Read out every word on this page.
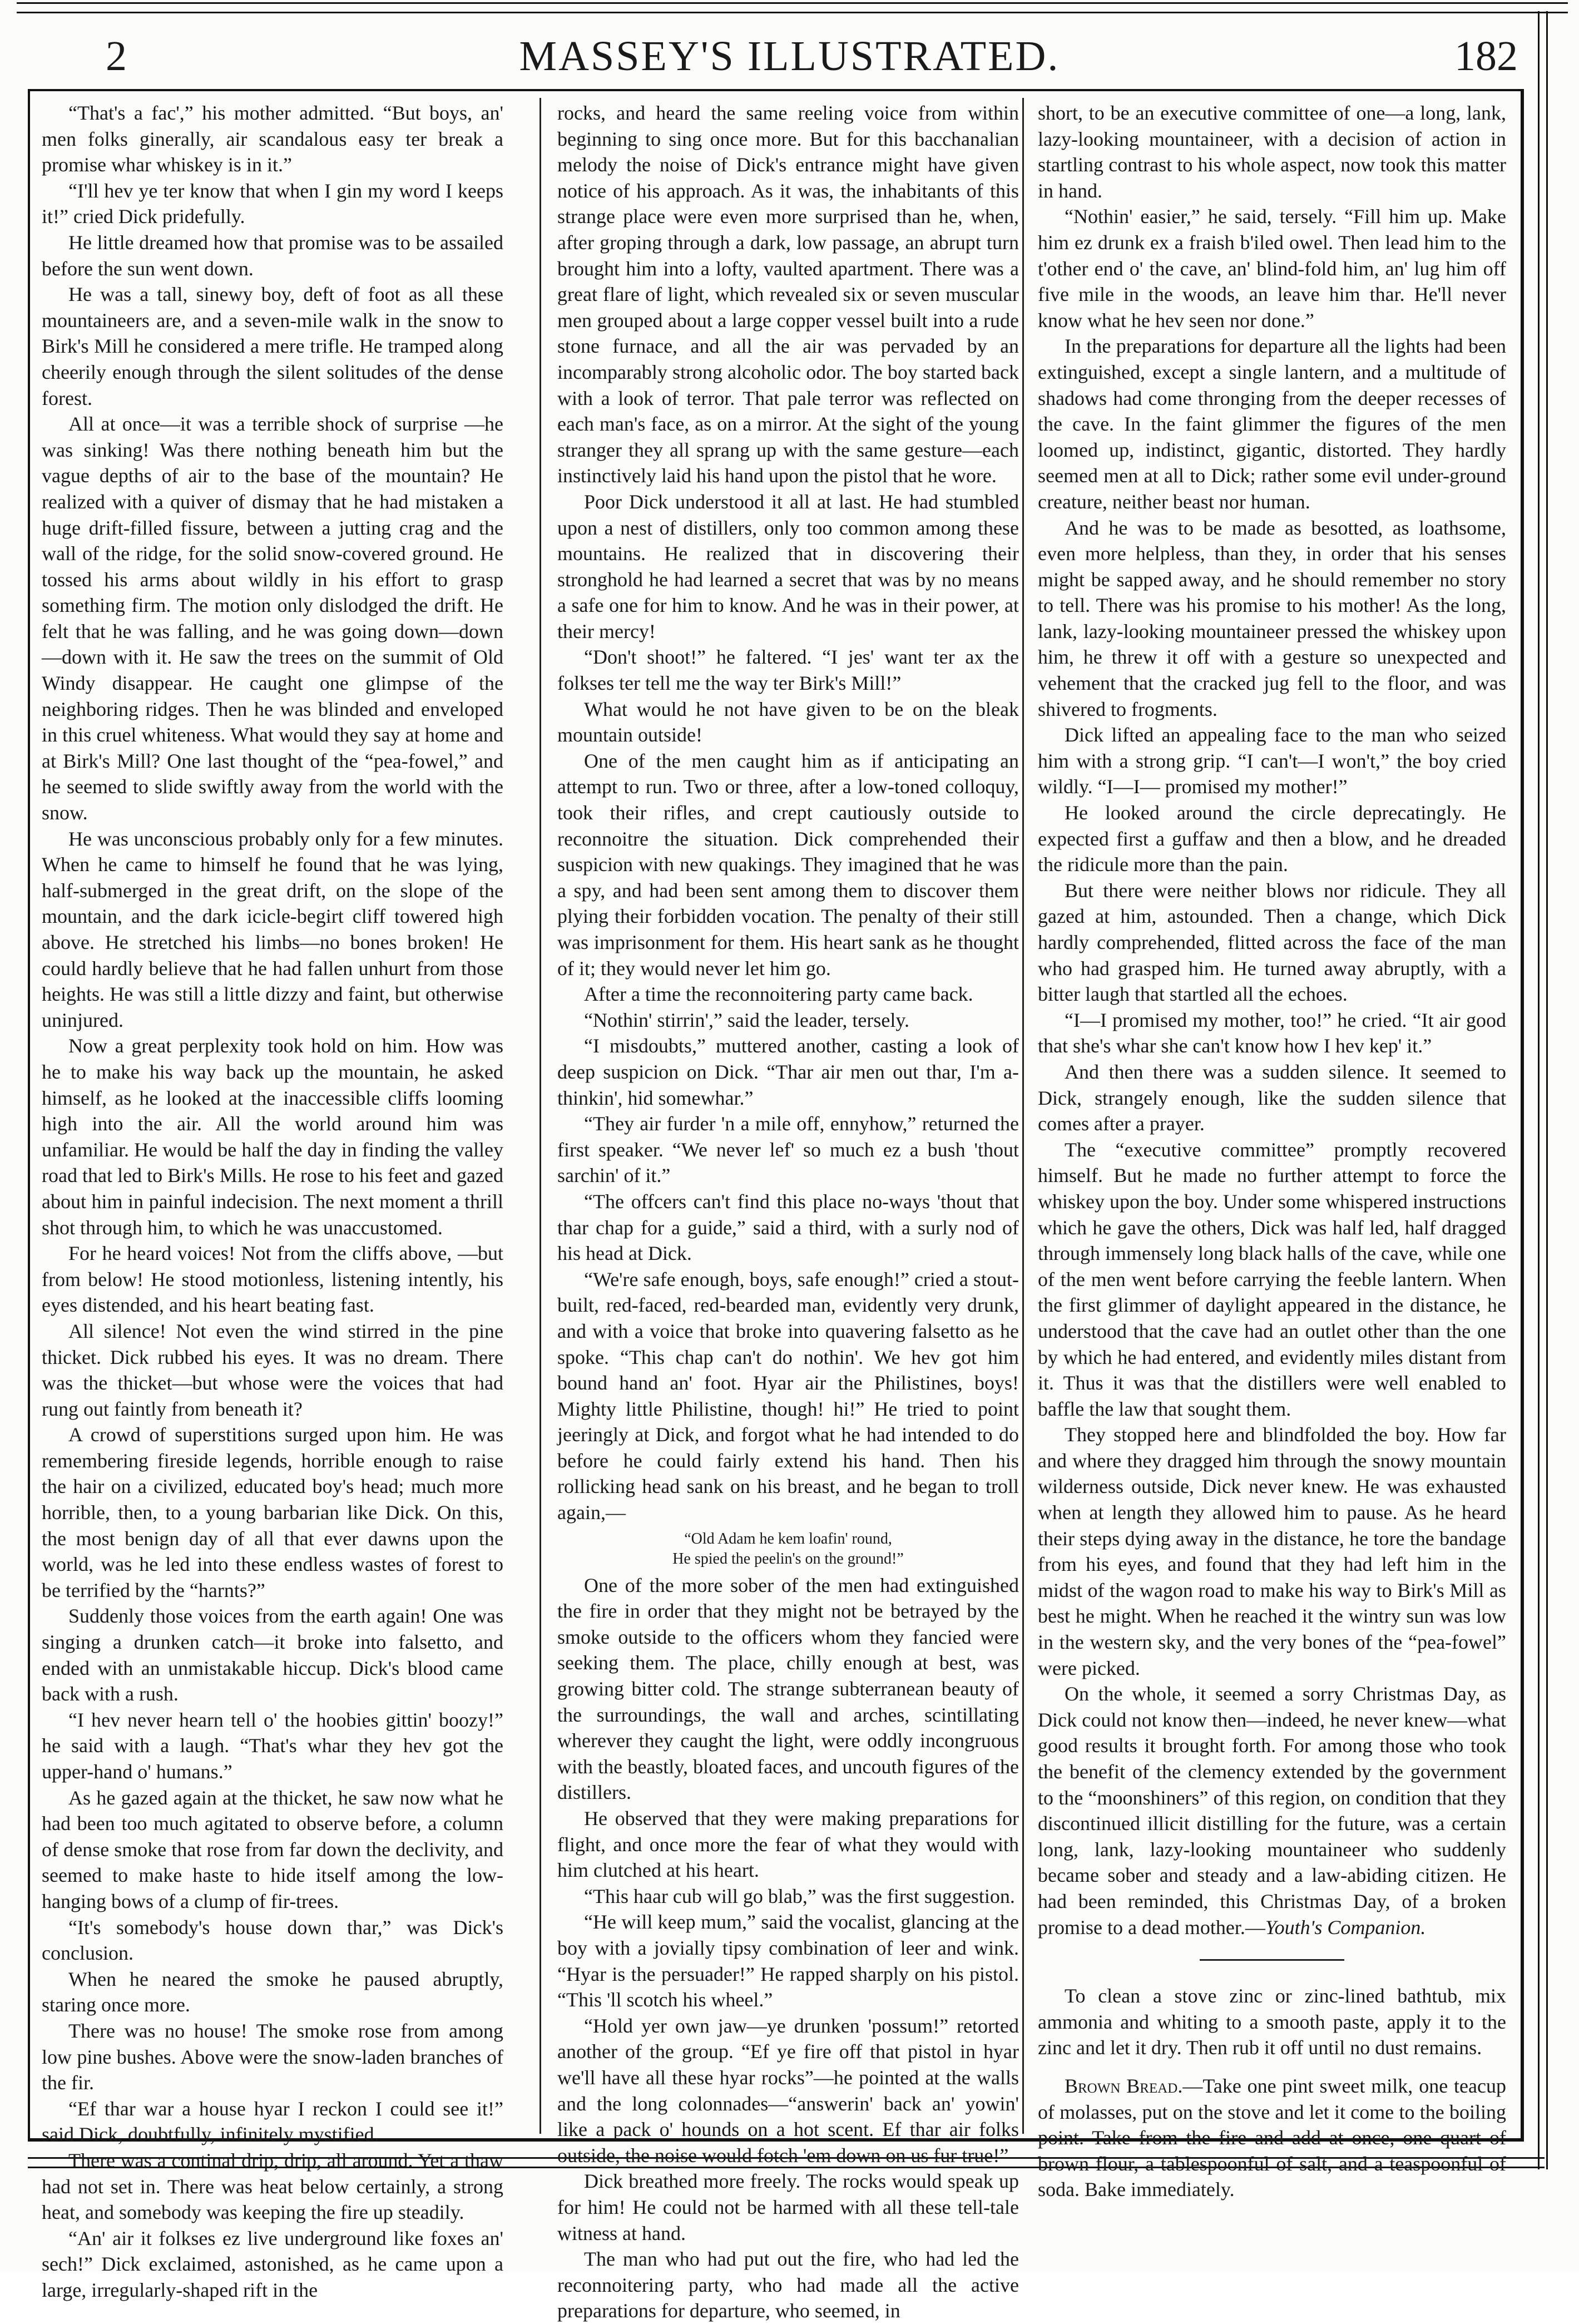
2	MASSEY'S ILLUSTRATED.	182

“That's a fac',” his mother admitted. “But boys, an' men folks ginerally, air scandalous easy ter break a promise whar whiskey is in it.”

“I'll hev ye ter know that when I gin my word I keeps it!” cried Dick pridefully.

He little dreamed how that promise was to be assailed before the sun went down.

He was a tall, sinewy boy, deft of foot as all these mountaineers are, and a seven-mile walk in the snow to Birk's Mill he considered a mere trifle. He tramped along cheerily enough through the silent solitudes of the dense forest.

All at once—it was a terrible shock of surprise —he was sinking! Was there nothing beneath him but the vague depths of air to the base of the mountain? He realized with a quiver of dismay that he had mistaken a huge drift-filled fissure, between a jutting crag and the wall of the ridge, for the solid snow-covered ground. He tossed his arms about wildly in his effort to grasp something firm. The motion only dislodged the drift. He felt that he was falling, and he was going down—down—down with it. He saw the trees on the summit of Old Windy disappear. He caught one glimpse of the neighboring ridges. Then he was blinded and enveloped in this cruel whiteness. What would they say at home and at Birk's Mill? One last thought of the “pea-fowel,” and he seemed to slide swiftly away from the world with the snow.

He was unconscious probably only for a few minutes. When he came to himself he found that he was lying, half-submerged in the great drift, on the slope of the mountain, and the dark icicle-begirt cliff towered high above. He stretched his limbs—no bones broken! He could hardly believe that he had fallen unhurt from those heights. He was still a little dizzy and faint, but otherwise uninjured.

Now a great perplexity took hold on him. How was he to make his way back up the mountain, he asked himself, as he looked at the inaccessible cliffs looming high into the air. All the world around him was unfamiliar. He would be half the day in finding the valley road that led to Birk's Mills. He rose to his feet and gazed about him in painful indecision. The next moment a thrill shot through him, to which he was unaccustomed.

For he heard voices! Not from the cliffs above, —but from below! He stood motionless, listening intently, his eyes distended, and his heart beating fast.

All silence! Not even the wind stirred in the pine thicket. Dick rubbed his eyes. It was no dream. There was the thicket—but whose were the voices that had rung out faintly from beneath it?

A crowd of superstitions surged upon him. He was remembering fireside legends, horrible enough to raise the hair on a civilized, educated boy's head; much more horrible, then, to a young barbarian like Dick. On this, the most benign day of all that ever dawns upon the world, was he led into these endless wastes of forest to be terrified by the “harnts?”

Suddenly those voices from the earth again! One was singing a drunken catch—it broke into falsetto, and ended with an unmistakable hiccup. Dick's blood came back with a rush.

“I hev never hearn tell o' the hoobies gittin' boozy!” he said with a laugh. “That's whar they hev got the upper-hand o' humans.”

As he gazed again at the thicket, he saw now what he had been too much agitated to observe before, a column of dense smoke that rose from far down the declivity, and seemed to make haste to hide itself among the low-hanging bows of a clump of fir-trees.

“It's somebody's house down thar,” was Dick's conclusion.

When he neared the smoke he paused abruptly, staring once more.

There was no house! The smoke rose from among low pine bushes. Above were the snow-laden branches of the fir.

“Ef thar war a house hyar I reckon I could see it!” said Dick, doubtfully, infinitely mystified.

There was a continal drip, drip, all around. Yet a thaw had not set in. There was heat below certainly, a strong heat, and somebody was keeping the fire up steadily.

“An' air it folkses ez live underground like foxes an' sech!” Dick exclaimed, astonished, as he came upon a large, irregularly-shaped rift in the

rocks, and heard the same reeling voice from within beginning to sing once more. But for this bacchanalian melody the noise of Dick's entrance might have given notice of his approach. As it was, the inhabitants of this strange place were even more surprised than he, when, after groping through a dark, low passage, an abrupt turn brought him into a lofty, vaulted apartment. There was a great flare of light, which revealed six or seven muscular men grouped about a large copper vessel built into a rude stone furnace, and all the air was pervaded by an incomparably strong alcoholic odor. The boy started back with a look of terror. That pale terror was reflected on each man's face, as on a mirror. At the sight of the young stranger they all sprang up with the same gesture—each instinctively laid his hand upon the pistol that he wore.

Poor Dick understood it all at last. He had stumbled upon a nest of distillers, only too common among these mountains. He realized that in discovering their stronghold he had learned a secret that was by no means a safe one for him to know. And he was in their power, at their mercy!

“Don't shoot!” he faltered. “I jes' want ter ax the folkses ter tell me the way ter Birk's Mill!”

What would he not have given to be on the bleak mountain outside!

One of the men caught him as if anticipating an attempt to run. Two or three, after a low-toned colloquy, took their rifles, and crept cautiously outside to reconnoitre the situation. Dick comprehended their suspicion with new quakings. They imagined that he was a spy, and had been sent among them to discover them plying their forbidden vocation. The penalty of their still was imprisonment for them. His heart sank as he thought of it; they would never let him go.

After a time the reconnoitering party came back.

“Nothin' stirrin',” said the leader, tersely.

“I misdoubts,” muttered another, casting a look of deep suspicion on Dick. “Thar air men out thar, I'm a-thinkin', hid somewhar.”

“They air furder 'n a mile off, ennyhow,” returned the first speaker. “We never lef' so much ez a bush 'thout sarchin' of it.”

“The offcers can't find this place no-ways 'thout that thar chap for a guide,” said a third, with a surly nod of his head at Dick.

“We're safe enough, boys, safe enough!” cried a stout-built, red-faced, red-bearded man, evidently very drunk, and with a voice that broke into quavering falsetto as he spoke. “This chap can't do nothin'. We hev got him bound hand an' foot. Hyar air the Philistines, boys! Mighty little Philistine, though! hi!” He tried to point jeeringly at Dick, and forgot what he had intended to do before he could fairly extend his hand. Then his rollicking head sank on his breast, and he began to troll again,—

“Old Adam he kem loafin' round,
He spied the peelin's on the ground!”

One of the more sober of the men had extinguished the fire in order that they might not be betrayed by the smoke outside to the officers whom they fancied were seeking them. The place, chilly enough at best, was growing bitter cold. The strange subterranean beauty of the surroundings, the wall and arches, scintillating wherever they caught the light, were oddly incongruous with the beastly, bloated faces, and uncouth figures of the distillers.

He observed that they were making preparations for flight, and once more the fear of what they would with him clutched at his heart.

“This haar cub will go blab,” was the first suggestion.

“He will keep mum,” said the vocalist, glancing at the boy with a jovially tipsy combination of leer and wink. “Hyar is the persuader!” He rapped sharply on his pistol. “This 'll scotch his wheel.”

“Hold yer own jaw—ye drunken 'possum!” retorted another of the group. “Ef ye fire off that pistol in hyar we'll have all these hyar rocks”—he pointed at the walls and the long colonnades—“answerin' back an' yowin' like a pack o' hounds on a hot scent. Ef thar air folks outside, the noise would fotch 'em down on us fur true!”

Dick breathed more freely. The rocks would speak up for him! He could not be harmed with all these tell-tale witness at hand.

The man who had put out the fire, who had led the reconnoitering party, who had made all the active preparations for departure, who seemed, in

short, to be an executive committee of one—a long, lank, lazy-looking mountaineer, with a decision of action in startling contrast to his whole aspect, now took this matter in hand.

“Nothin' easier,” he said, tersely. “Fill him up. Make him ez drunk ex a fraish b'iled owel. Then lead him to the t'other end o' the cave, an' blind-fold him, an' lug him off five mile in the woods, an leave him thar. He'll never know what he hev seen nor done.”

In the preparations for departure all the lights had been extinguished, except a single lantern, and a multitude of shadows had come thronging from the deeper recesses of the cave. In the faint glimmer the figures of the men loomed up, indistinct, gigantic, distorted. They hardly seemed men at all to Dick; rather some evil under-ground creature, neither beast nor human.

And he was to be made as besotted, as loathsome, even more helpless, than they, in order that his senses might be sapped away, and he should remember no story to tell. There was his promise to his mother! As the long, lank, lazy-looking mountaineer pressed the whiskey upon him, he threw it off with a gesture so unexpected and vehement that the cracked jug fell to the floor, and was shivered to frogments.

Dick lifted an appealing face to the man who seized him with a strong grip. “I can't—I won't,” the boy cried wildly. “I—I— promised my mother!”

He looked around the circle deprecatingly. He expected first a guffaw and then a blow, and he dreaded the ridicule more than the pain.

But there were neither blows nor ridicule. They all gazed at him, astounded. Then a change, which Dick hardly comprehended, flitted across the face of the man who had grasped him. He turned away abruptly, with a bitter laugh that startled all the echoes.

“I—I promised my mother, too!” he cried. “It air good that she's whar she can't know how I hev kep' it.”

And then there was a sudden silence. It seemed to Dick, strangely enough, like the sudden silence that comes after a prayer.

The “executive committee” promptly recovered himself. But he made no further attempt to force the whiskey upon the boy. Under some whispered instructions which he gave the others, Dick was half led, half dragged through immensely long black halls of the cave, while one of the men went before carrying the feeble lantern. When the first glimmer of daylight appeared in the distance, he understood that the cave had an outlet other than the one by which he had entered, and evidently miles distant from it. Thus it was that the distillers were well enabled to baffle the law that sought them.

They stopped here and blindfolded the boy. How far and where they dragged him through the snowy mountain wilderness outside, Dick never knew. He was exhausted when at length they allowed him to pause. As he heard their steps dying away in the distance, he tore the bandage from his eyes, and found that they had left him in the midst of the wagon road to make his way to Birk's Mill as best he might. When he reached it the wintry sun was low in the western sky, and the very bones of the “pea-fowel” were picked.

On the whole, it seemed a sorry Christmas Day, as Dick could not know then—indeed, he never knew—what good results it brought forth. For among those who took the benefit of the clemency extended by the government to the “moonshiners” of this region, on condition that they discontinued illicit distilling for the future, was a certain long, lank, lazy-looking mountaineer who suddenly became sober and steady and a law-abiding citizen. He had been reminded, this Christmas Day, of a broken promise to a dead mother.—Youth's Companion.

To clean a stove zinc or zinc-lined bathtub, mix ammonia and whiting to a smooth paste, apply it to the zinc and let it dry. Then rub it off until no dust remains.

Brown Bread.—Take one pint sweet milk, one teacup of molasses, put on the stove and let it come to the boiling point. Take from the fire and add at once, one quart of brown flour, a tablespoonful of salt, and a teaspoonful of soda. Bake immediately.
